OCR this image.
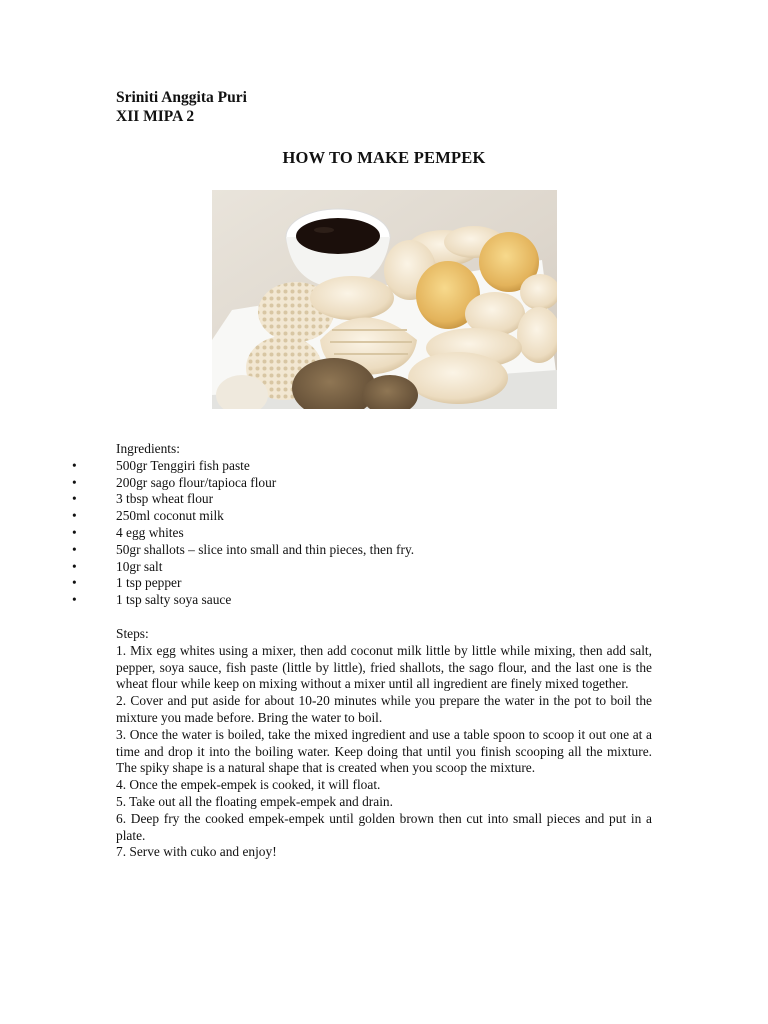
Sriniti Anggita Puri
XII MIPA 2
HOW TO MAKE PEMPEK
Ingredients:
•	500gr Tenggiri fish paste
•	200gr sago flour/tapioca flour
•	3 tbsp wheat flour
•	250ml coconut milk
•	4 egg whites
•	50gr shallots – slice into small and thin pieces, then fry.
•	10gr salt
•	1 tsp pepper
•	1 tsp salty soya sauce

Steps:

1. Mix egg whites using a mixer, then add coconut milk little by little while mixing, then add salt, pepper, soya sauce, fish paste (little by little), fried shallots, the sago flour, and the last one is the wheat flour while keep on mixing without a mixer until all ingredient are finely mixed together.

2. Cover and put aside for about 10-20 minutes while you prepare the water in the pot to boil the mixture you made before. Bring the water to boil.

3. Once the water is boiled, take the mixed ingredient and use a table spoon to scoop it out one at a time and drop it into the boiling water. Keep doing that until you finish scooping all the mixture. The spiky shape is a natural shape that is created when you scoop the mixture.

4. Once the empek-empek is cooked, it will float.

5. Take out all the floating empek-empek and drain.

6. Deep fry the cooked empek-empek until golden brown then cut into small pieces and put in a plate.

7. Serve with cuko and enjoy!
